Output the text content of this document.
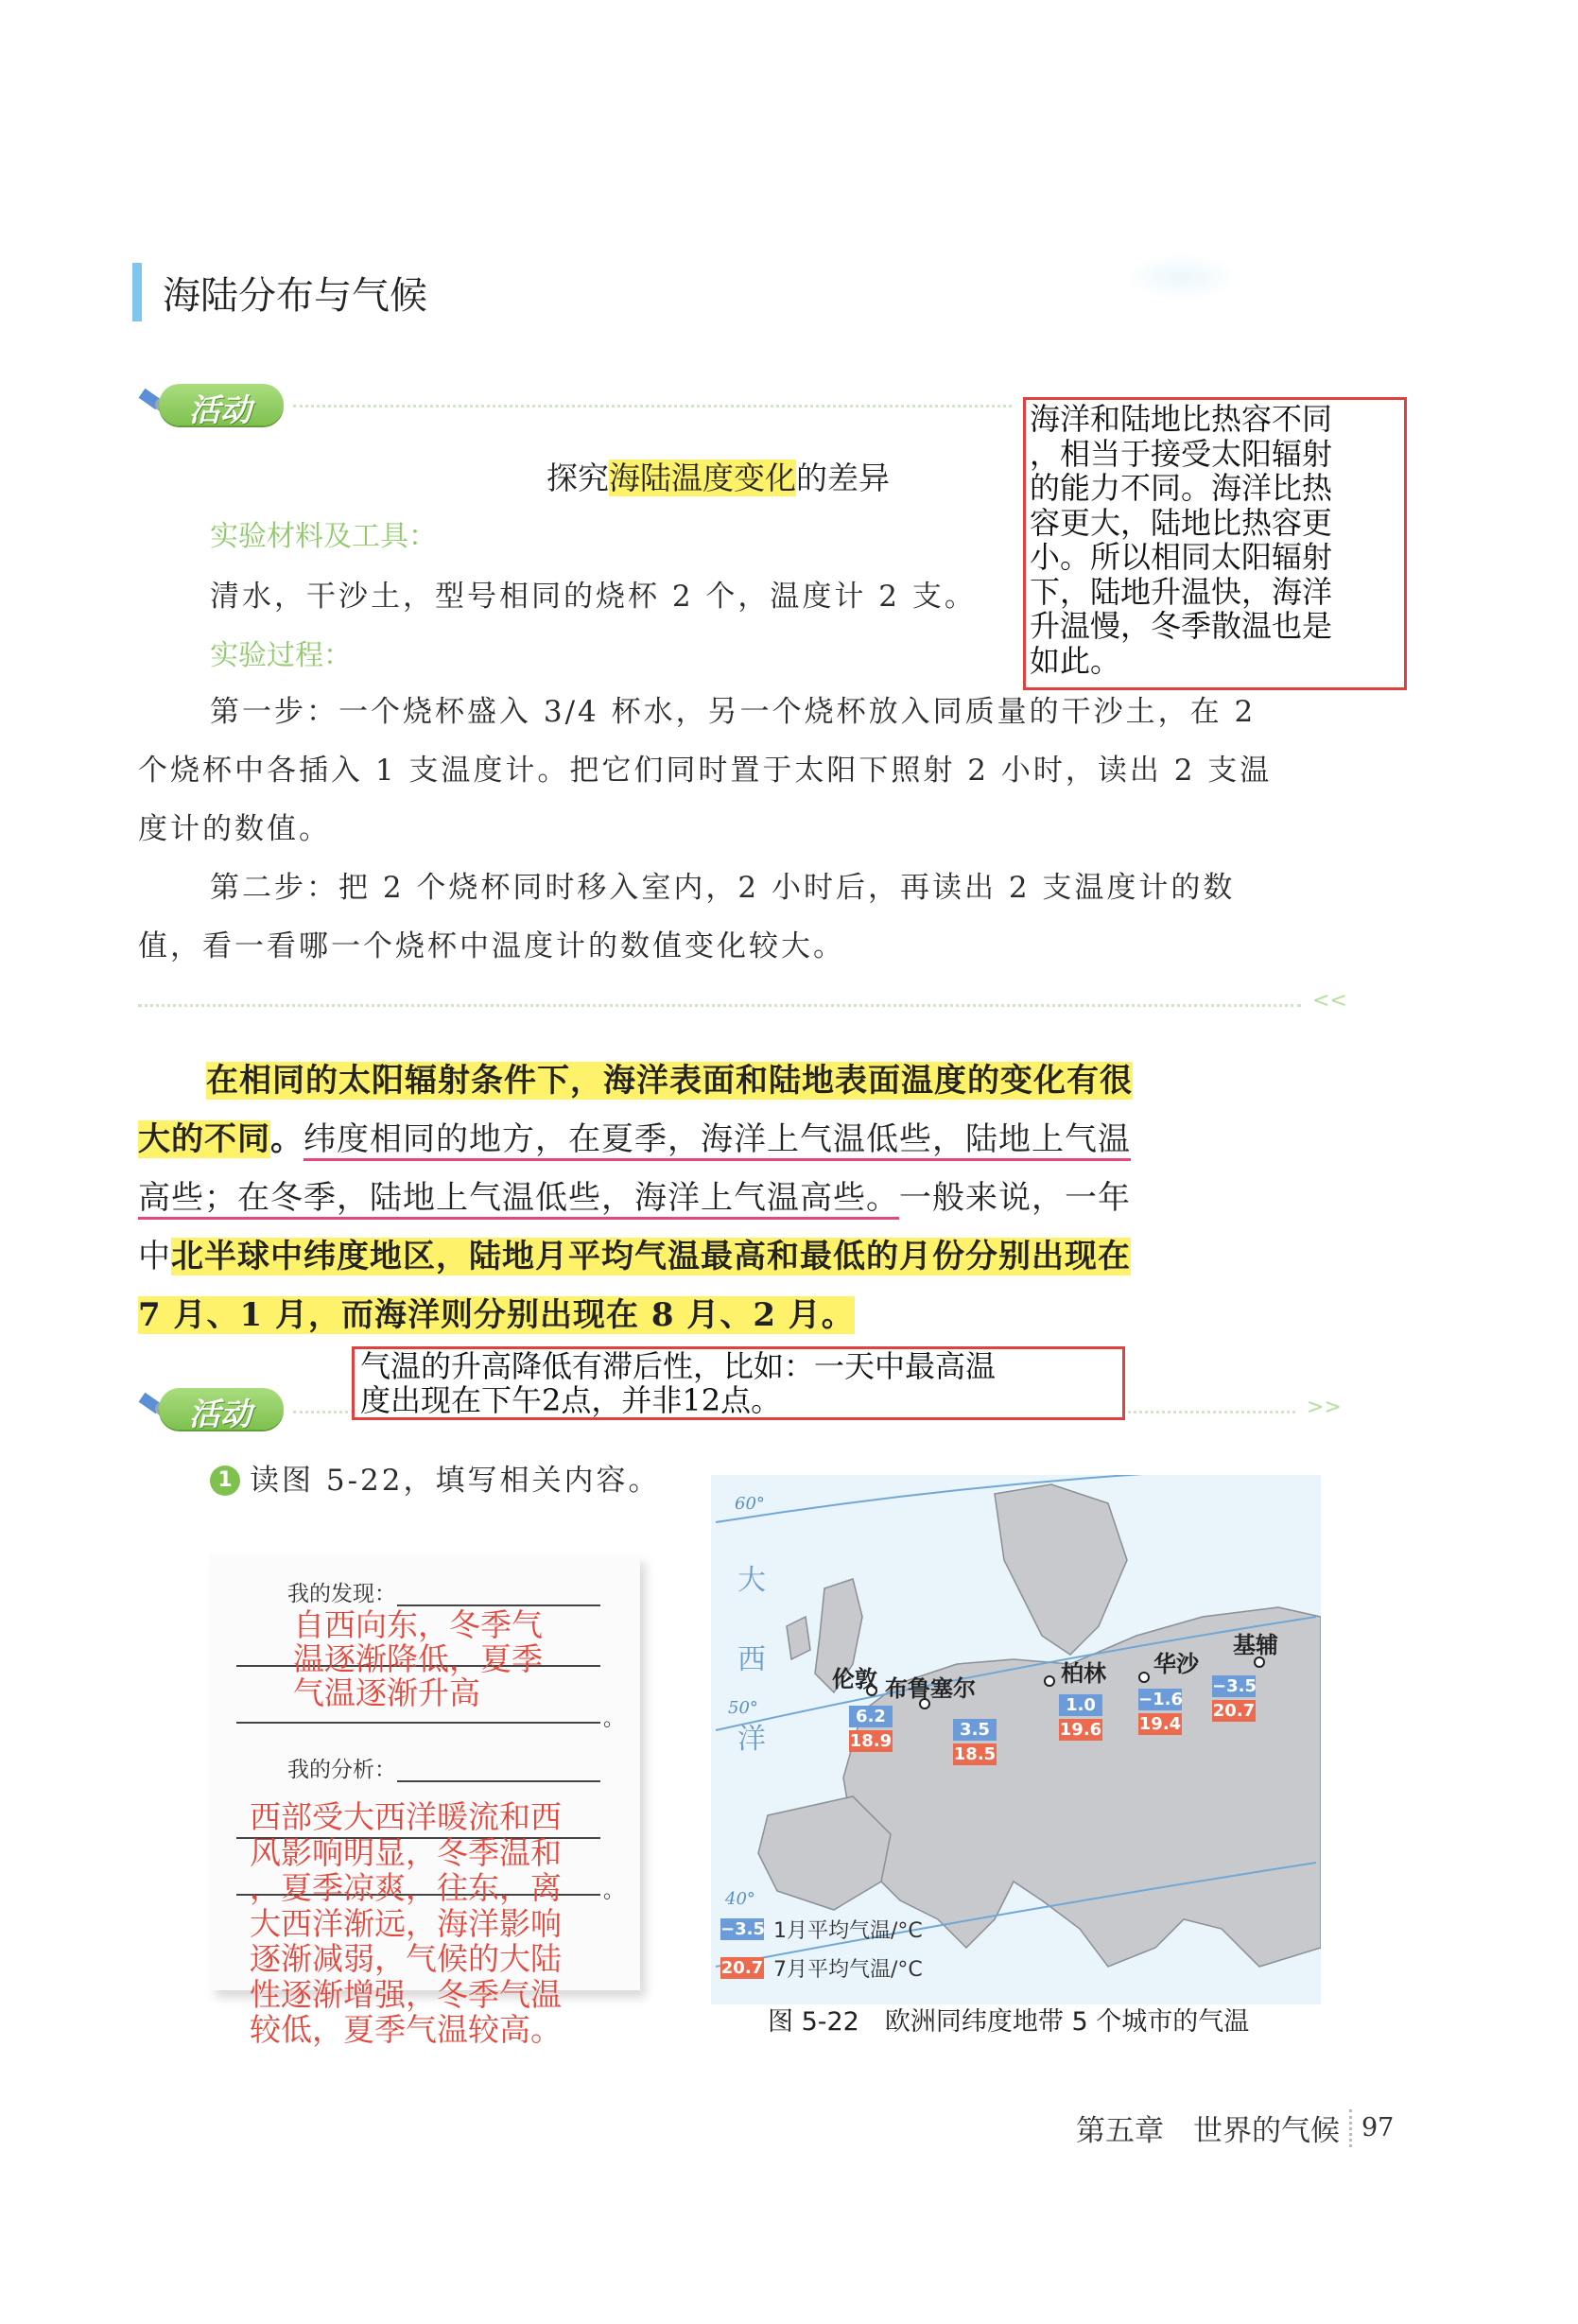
海陆分布与气候
活动
探究海陆温度变化的差异
实验材料及工具：
清水，干沙土，型号相同的烧杯 2 个，温度计 2 支。
实验过程：
第一步：一个烧杯盛入 3/4 杯水，另一个烧杯放入同质量的干沙土，在 2
个烧杯中各插入 1 支温度计。把它们同时置于太阳下照射 2 小时，读出 2 支温
度计的数值。
第二步：把 2 个烧杯同时移入室内，2 小时后，再读出 2 支温度计的数
值，看一看哪一个烧杯中温度计的数值变化较大。
<<
海洋和陆地比热容不同
，相当于接受太阳辐射
的能力不同。海洋比热
容更大，陆地比热容更
小。所以相同太阳辐射
下，陆地升温快，海洋
升温慢，冬季散温也是
如此。
在相同的太阳辐射条件下，海洋表面和陆地表面温度的变化有很
大的不同。纬度相同的地方，在夏季，海洋上气温低些，陆地上气温
高些；在冬季，陆地上气温低些，海洋上气温高些。一般来说，一年
中北半球中纬度地区，陆地月平均气温最高和最低的月份分别出现在
7 月、1 月，而海洋则分别出现在 8 月、2 月。
活动	>>
气温的升高降低有滞后性，比如：一天中最高温
度出现在下午2点，并非12点。
1 读图 5-22，填写相关内容。
我的发现：
。
自西向东，冬季气
温逐渐降低，夏季
气温逐渐升高
我的分析：
。
西部受大西洋暖流和西
风影响明显，冬季温和
，夏季凉爽，往东，离
大西洋渐远，海洋影响
逐渐减弱，气候的大陆
性逐渐增强，冬季气温
较低，夏季气温较高。
60°
50°
40°
大
西
洋
伦敦
6.2
18.9
布鲁塞尔
3.5
18.5
柏林
1.0
19.6
华沙
−1.6
19.4
基辅
−3.5
20.7
−3.5 1月平均气温/°C
20.7 7月平均气温/°C
图 5-22　欧洲同纬度地带 5 个城市的气温
第五章　世界的气候 97
